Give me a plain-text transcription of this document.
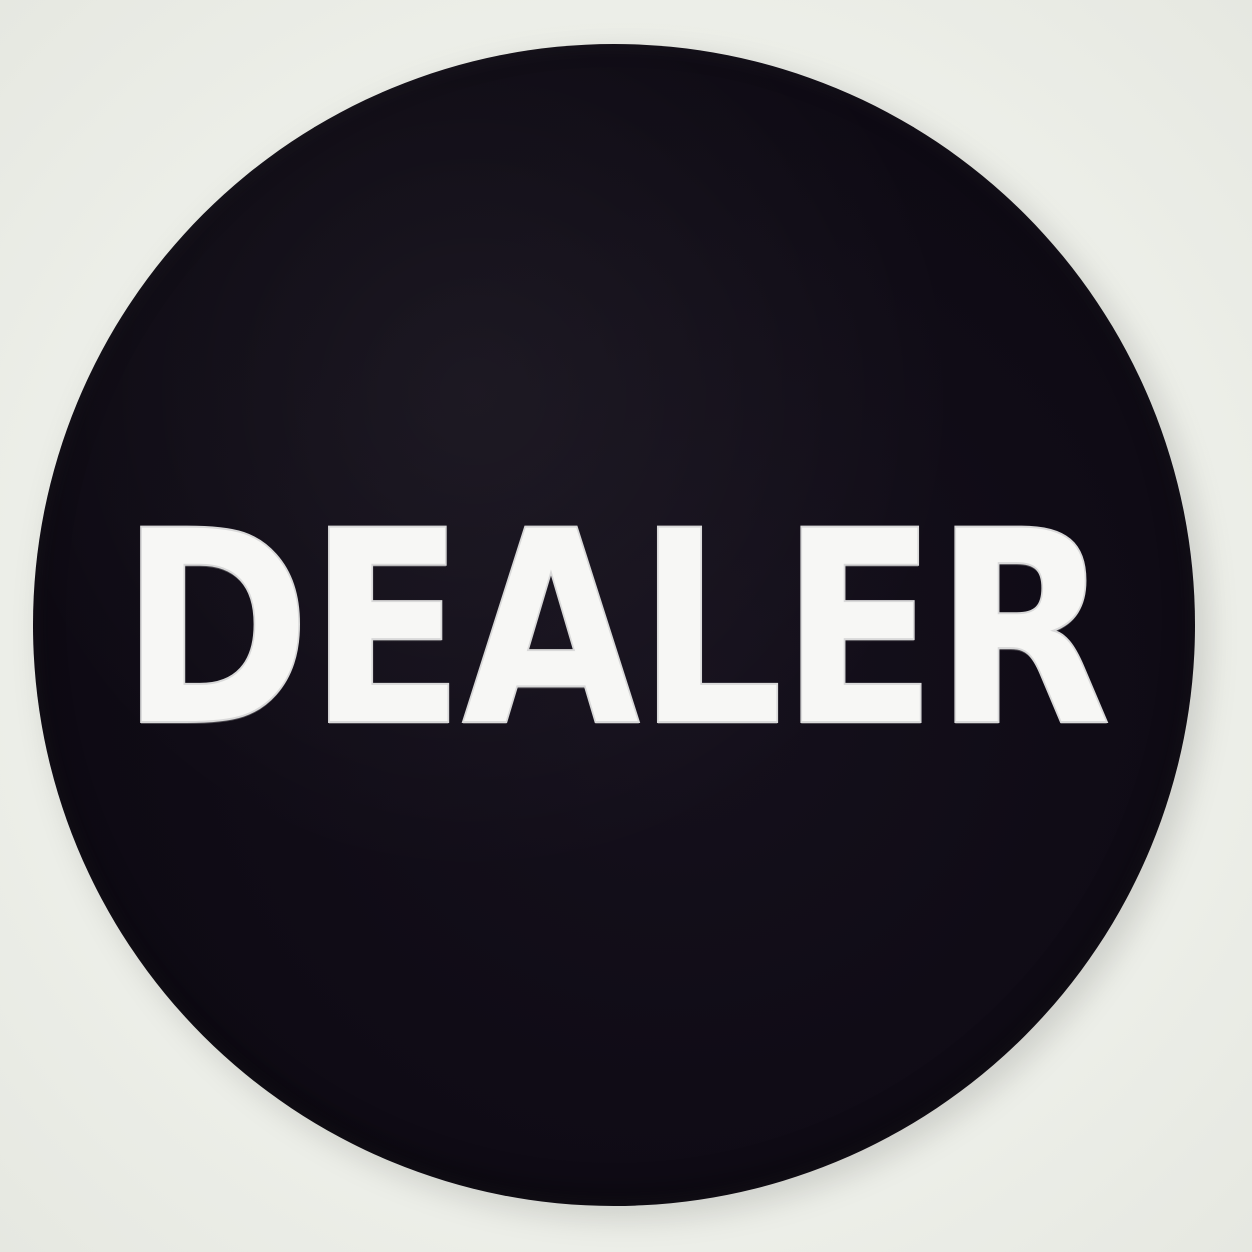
DEALER
